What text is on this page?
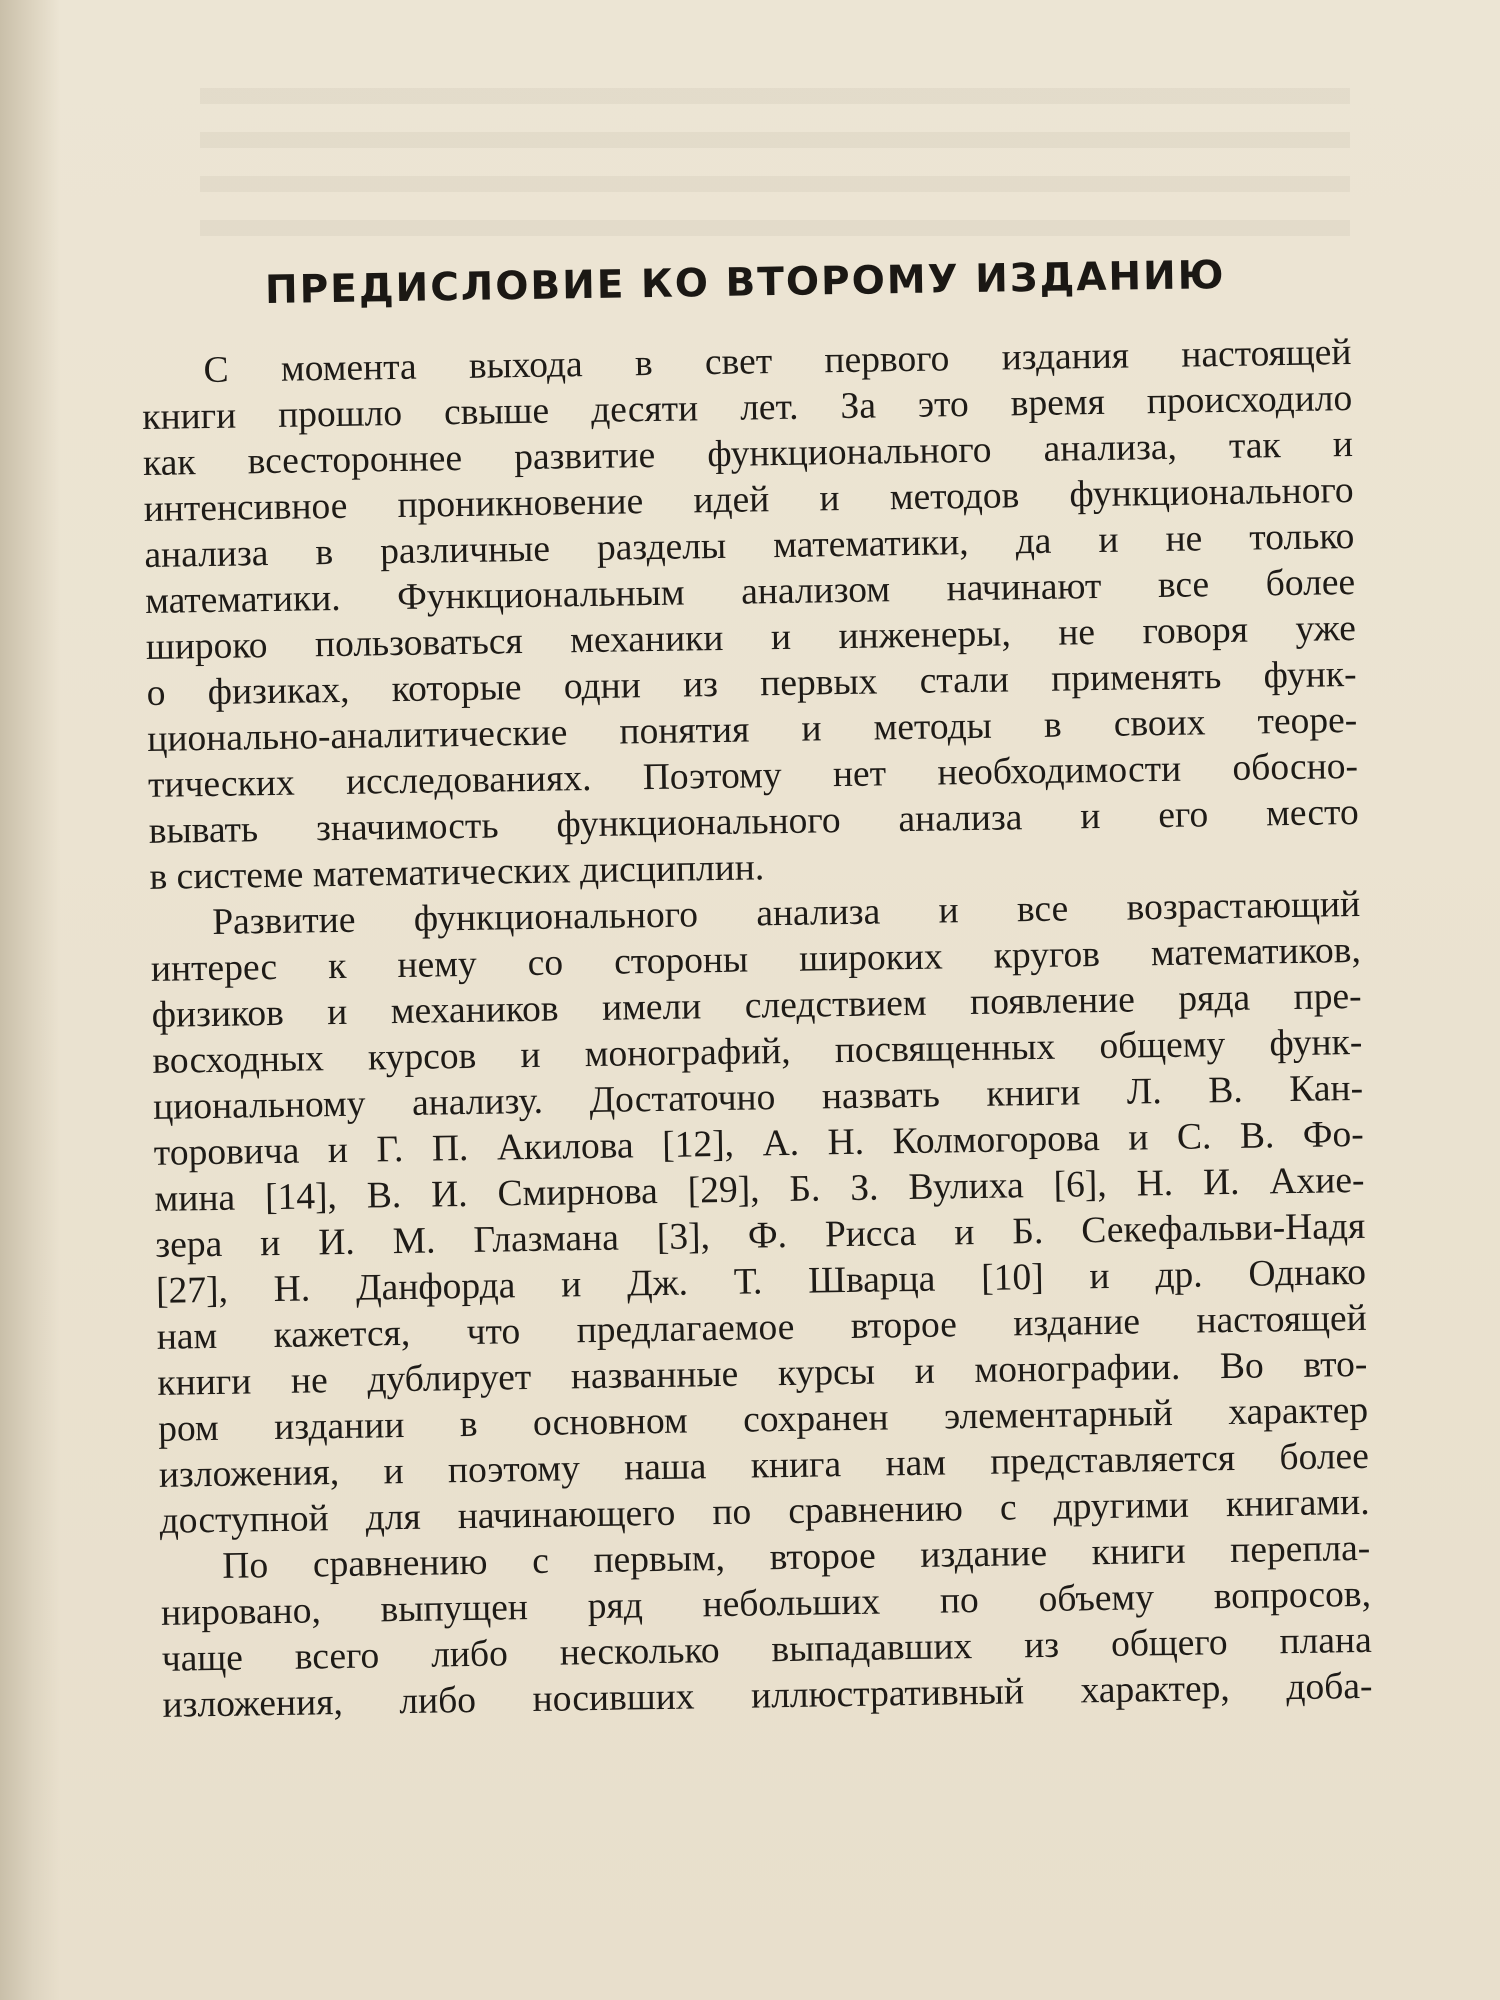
ПРЕДИСЛОВИЕ КО ВТОРОМУ ИЗДАНИЮ
С момента выхода в свет первого издания настоящей
книги прошло свыше десяти лет. За это время происходило
как всестороннее развитие функционального анализа, так и
интенсивное проникновение идей и методов функционального
анализа в различные разделы математики, да и не только
математики. Функциональным анализом начинают все более
широко пользоваться механики и инженеры, не говоря уже
о физиках, которые одни из первых стали применять функ-
ционально-аналитические понятия и методы в своих теоре-
тических исследованиях. Поэтому нет необходимости обосно-
вывать значимость функционального анализа и его место
в системе математических дисциплин.
Развитие функционального анализа и все возрастающий
интерес к нему со стороны широких кругов математиков,
физиков и механиков имели следствием появление ряда пре-
восходных курсов и монографий, посвященных общему функ-
циональному анализу. Достаточно назвать книги Л. В. Кан-
торовича и Г. П. Акилова [12], А. Н. Колмогорова и С. В. Фо-
мина [14], В. И. Смирнова [29], Б. З. Вулиха [6], Н. И. Ахие-
зера и И. М. Глазмана [3], Ф. Рисса и Б. Секефальви-Надя
[27], Н. Данфорда и Дж. Т. Шварца [10] и др. Однако
нам кажется, что предлагаемое второе издание настоящей
книги не дублирует названные курсы и монографии. Во вто-
ром издании в основном сохранен элементарный характер
изложения, и поэтому наша книга нам представляется более
доступной для начинающего по сравнению с другими книгами.
По сравнению с первым, второе издание книги перепла-
нировано, выпущен ряд небольших по объему вопросов,
чаще всего либо несколько выпадавших из общего плана
изложения, либо носивших иллюстративный характер, доба-
